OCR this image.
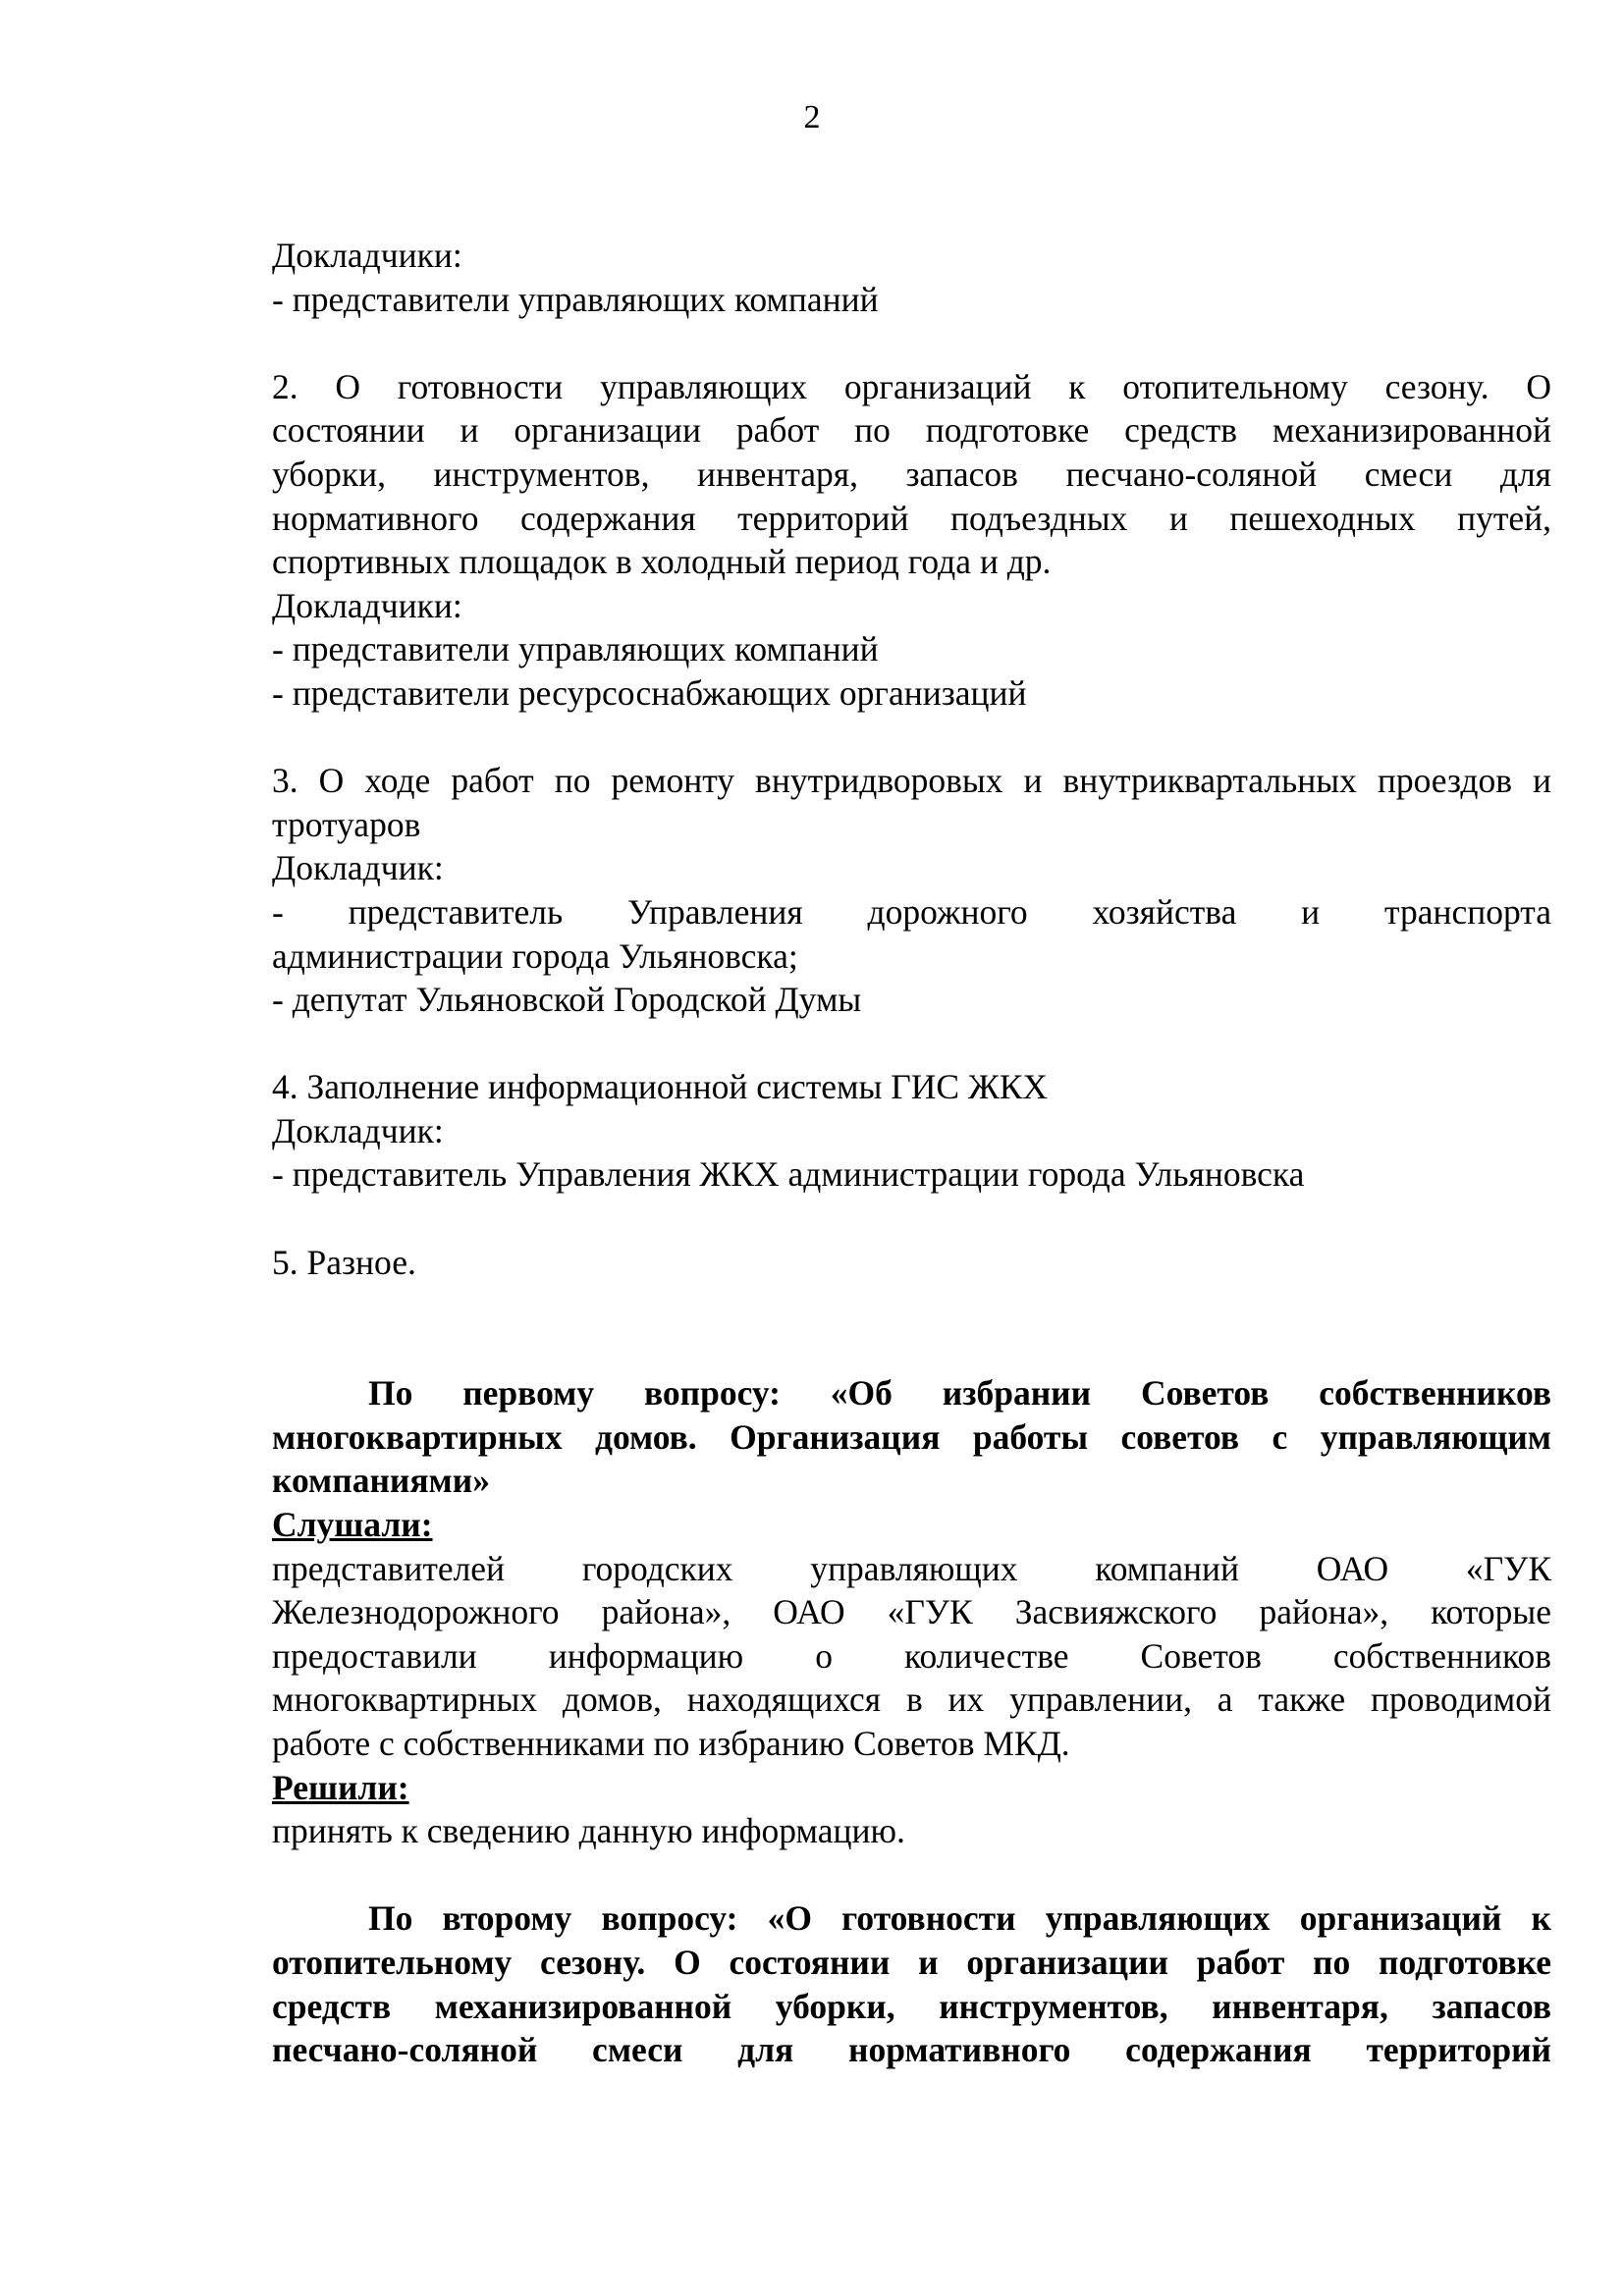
2

Докладчики:

- представители управляющих компаний

2. О готовности управляющих организаций к отопительному сезону. О

состоянии и организации работ по подготовке средств механизированной

уборки, инструментов, инвентаря, запасов песчано-соляной смеси для

нормативного содержания территорий подъездных и пешеходных путей,

спортивных площадок в холодный период года и др.

Докладчики:

- представители управляющих компаний

- представители ресурсоснабжающих организаций

3. О ходе работ по ремонту внутридворовых и внутриквартальных проездов и

тротуаров

Докладчик:

- представитель Управления дорожного хозяйства и транспорта

администрации города Ульяновска;

- депутат Ульяновской Городской Думы

4. Заполнение информационной системы ГИС ЖКХ

Докладчик:

- представитель Управления ЖКХ администрации города Ульяновска

5. Разное.

По первому вопросу: «Об избрании Советов собственников

многоквартирных домов. Организация работы советов с управляющим

компаниями»

Слушали:

представителей городских управляющих компаний ОАО «ГУК

Железнодорожного района», ОАО «ГУК Засвияжского района», которые

предоставили информацию о количестве Советов собственников

многоквартирных домов, находящихся в их управлении, а также проводимой

работе с собственниками по избранию Советов МКД.

Решили:

принять к сведению данную информацию.

По второму вопросу: «О готовности управляющих организаций к

отопительному сезону. О состоянии и организации работ по подготовке

средств механизированной уборки, инструментов, инвентаря, запасов

песчано-соляной смеси для нормативного содержания территорий
